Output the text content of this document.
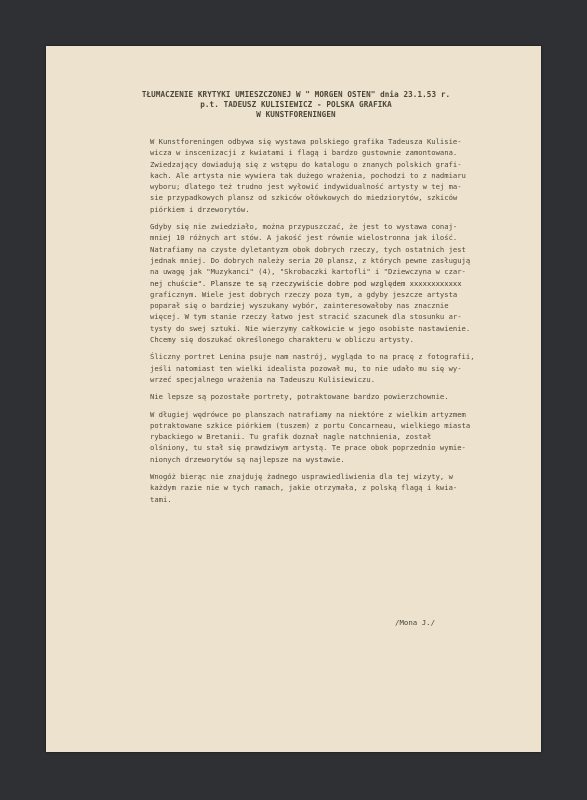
TŁUMACZENIE KRYTYKI UMIESZCZONEJ W " MORGEN OSTEN" dnia 23.1.53 r.
p.t. TADEUSZ KULISIEWICZ - POLSKA GRAFIKA
W KUNSTFORENINGEN
W Kunstforeningen odbywa się wystawa polskiego grafika Tadeusza Kulisie-
wicza w inscenizacji z kwiatami i flagą i bardzo gustownie zamontowana.
Zwiedzający dowiadują się z wstępu do katalogu o znanych polskich grafi-
kach. Ale artysta nie wywiera tak dużego wrażenia, pochodzi to z nadmiaru
wyboru; dlatego też trudno jest wyłowić indywidualność artysty w tej ma-
sie przypadkowych plansz od szkiców ołówkowych do miedziorytów, szkiców
piórkiem i drzeworytów.
Gdyby się nie zwiedziało, można przypuszczać, że jest to wystawa conaj-
mniej 10 różnych art stów. A jakość jest równie wielostronna jak ilość.
Natrafiamy na czyste dyletantyzm obok dobrych rzeczy, tych ostatnich jest
jednak mniej. Do dobrych należy seria 20 plansz, z których pewne zasługują
na uwagę jak "Muzykanci" (4), "Skrobaczki kartofli" i "Dziewczyna w czar-
nej chuście". Plansze te są rzeczywiście dobre pod względem xxxxxxxxxxxx
graficznym. Wiele jest dobrych rzeczy poza tym, a gdyby jeszcze artysta
poparał się o bardziej wyszukany wybór, zainteresowałoby nas znacznie
więcej. W tym stanie rzeczy łatwo jest stracić szacunek dla stosunku ar-
tysty do swej sztuki. Nie wierzymy całkowicie w jego osobiste nastawienie.
Chcemy się doszukać określonego charakteru w obliczu artysty.
Śliczny portret Lenina psuje nam nastrój, wygląda to na pracę z fotografii,
jeśli natomiast ten wielki idealista pozował mu, to nie udało mu się wy-
wrzeć specjalnego wrażenia na Tadeuszu Kulisiewiczu.
Nie lepsze są pozostałe portrety, potraktowane bardzo powierzchownie.
W długiej wędrówce po planszach natrafiamy na niektóre z wielkim artyzmem
potraktowane szkice piórkiem (tuszem) z portu Concarneau, wielkiego miasta
rybackiego w Bretanii. Tu grafik doznał nagle natchnienia, został
olśniony, tu stał się prawdziwym artystą. Te prace obok poprzednio wymie-
nionych drzeworytów są najlepsze na wystawie.
Wnogóż bierąc nie znajduję żadnego usprawiedliwienia dla tej wizyty, w
każdym razie nie w tych ramach, jakie otrzymała, z polską flagą i kwia-
tami.
/Mona J./
